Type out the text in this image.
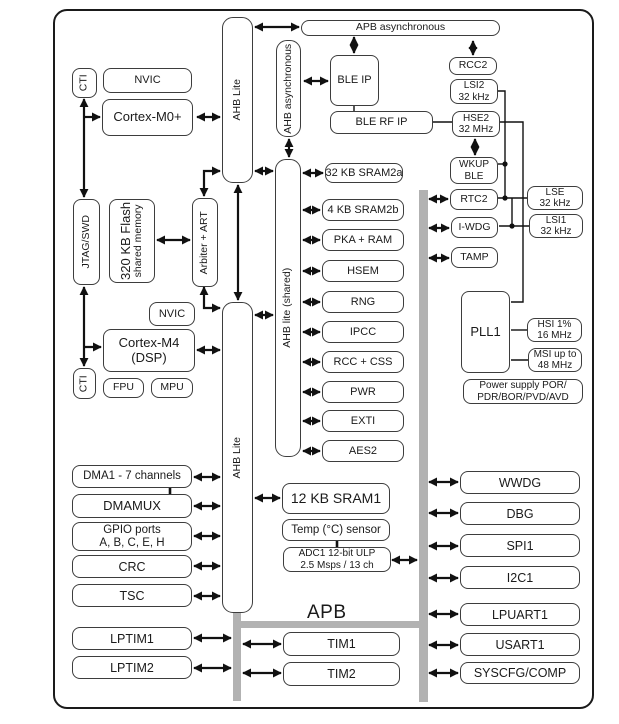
AHB Lite	AHB asynchronous
AHB lite (shared)
AHB Lite
CTI	NVIC
Cortex-M0+
APB asynchronous
RCC2
BLE IP	LSI2
32 kHz
BLE RF IP	HSE2
32 MHz
WKUP
BLE
LSE
32 kHz
RTC2
LSI1
32 kHz
I-WDG
TAMP
PLL1	HSI 1%
16 MHz
MSI up to
48 MHz
Power supply POR/
PDR/BOR/PVD/AVD
JTAG/SWD 320 KB Flash shared memory	Arbiter + ART
NVIC
Cortex-M4
(DSP)
CTI FPU	MPU
32 KB SRAM2a
4 KB SRAM2b
PKA + RAM
HSEM
RNG
IPCC
RCC + CSS
PWR
EXTI
AES2
DMA1 - 7 channels
DMAMUX
GPIO ports
A, B, C, E, H
CRC
TSC
LPTIM1
LPTIM2
12 KB SRAM1
Temp (°C) sensor
ADC1 12-bit ULP
2.5 Msps / 13 ch
APB
TIM1
TIM2
WWDG
DBG
SPI1
I2C1
LPUART1
USART1
SYSCFG/COMP
